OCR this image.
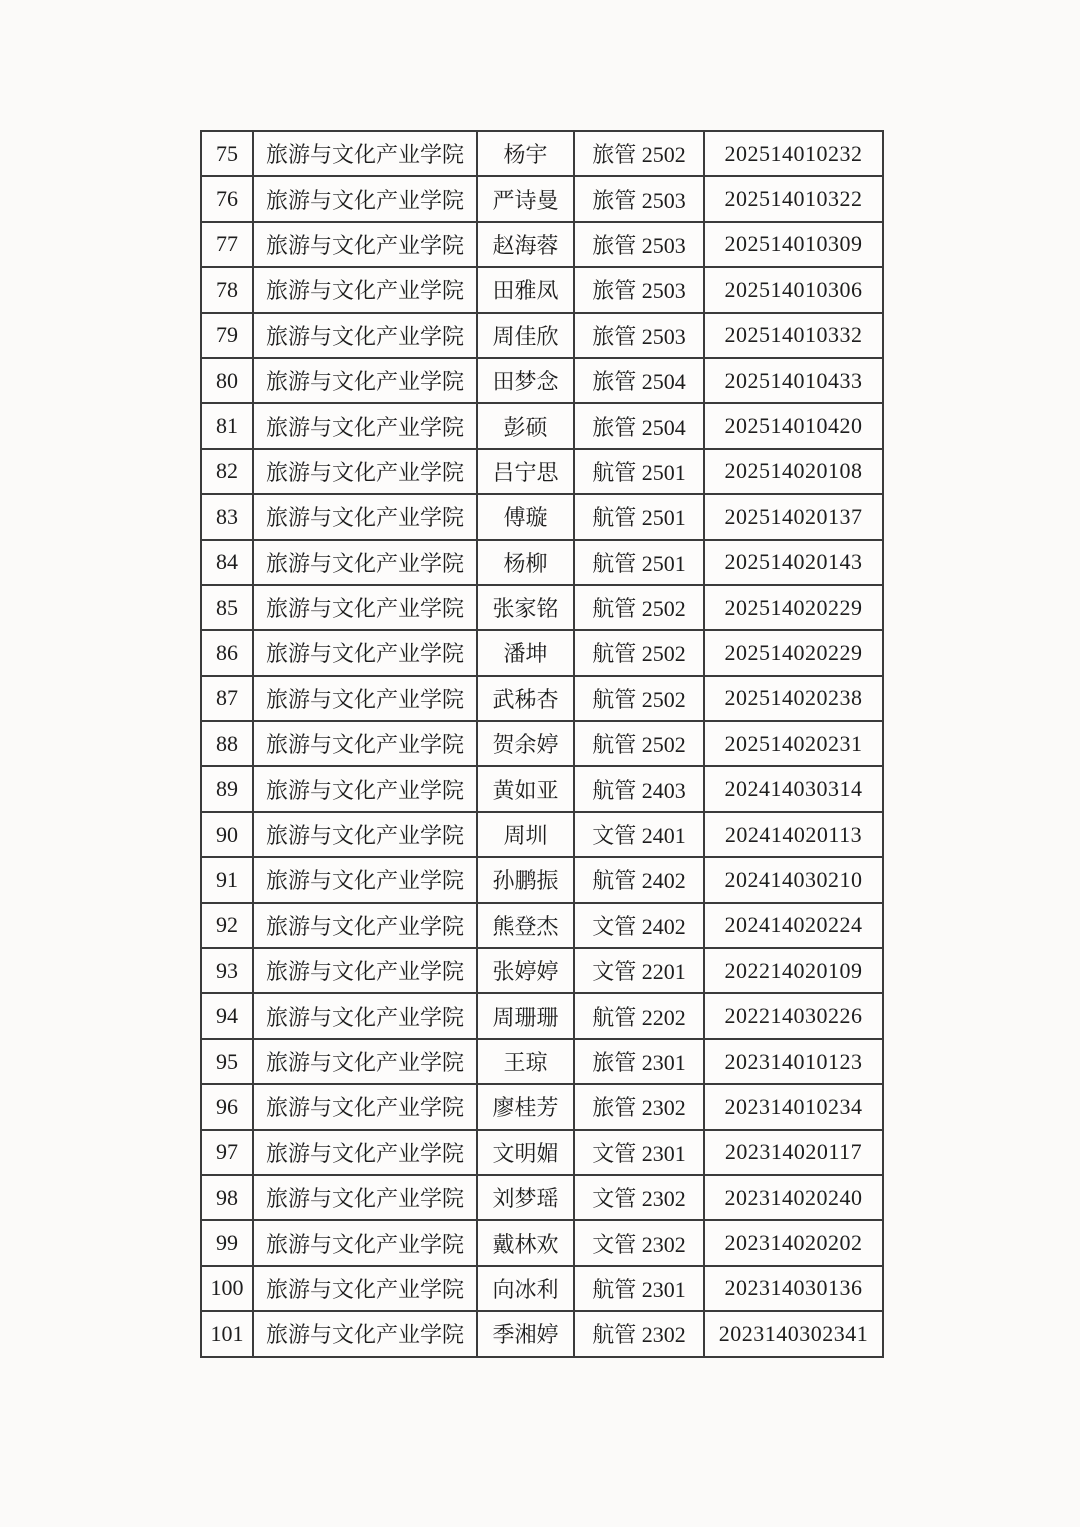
75	旅游与文化产业学院	杨宇	旅管 2502	202514010232
76	旅游与文化产业学院	严诗曼	旅管 2503	202514010322
77	旅游与文化产业学院	赵海蓉	旅管 2503	202514010309
78	旅游与文化产业学院	田雅凤	旅管 2503	202514010306
79	旅游与文化产业学院	周佳欣	旅管 2503	202514010332
80	旅游与文化产业学院	田梦念	旅管 2504	202514010433
81	旅游与文化产业学院	彭硕	旅管 2504	202514010420
82	旅游与文化产业学院	吕宁思	航管 2501	202514020108
83	旅游与文化产业学院	傅璇	航管 2501	202514020137
84	旅游与文化产业学院	杨柳	航管 2501	202514020143
85	旅游与文化产业学院	张家铭	航管 2502	202514020229
86	旅游与文化产业学院	潘坤	航管 2502	202514020229
87	旅游与文化产业学院	武秭杏	航管 2502	202514020238
88	旅游与文化产业学院	贺余婷	航管 2502	202514020231
89	旅游与文化产业学院	黄如亚	航管 2403	202414030314
90	旅游与文化产业学院	周圳	文管 2401	202414020113
91	旅游与文化产业学院	孙鹏振	航管 2402	202414030210
92	旅游与文化产业学院	熊登杰	文管 2402	202414020224
93	旅游与文化产业学院	张婷婷	文管 2201	202214020109
94	旅游与文化产业学院	周珊珊	航管 2202	202214030226
95	旅游与文化产业学院	王琼	旅管 2301	202314010123
96	旅游与文化产业学院	廖桂芳	旅管 2302	202314010234
97	旅游与文化产业学院	文明媚	文管 2301	202314020117
98	旅游与文化产业学院	刘梦瑶	文管 2302	202314020240
99	旅游与文化产业学院	戴林欢	文管 2302	202314020202
100	旅游与文化产业学院	向冰利	航管 2301	202314030136
101	旅游与文化产业学院	季湘婷	航管 2302	2023140302341
